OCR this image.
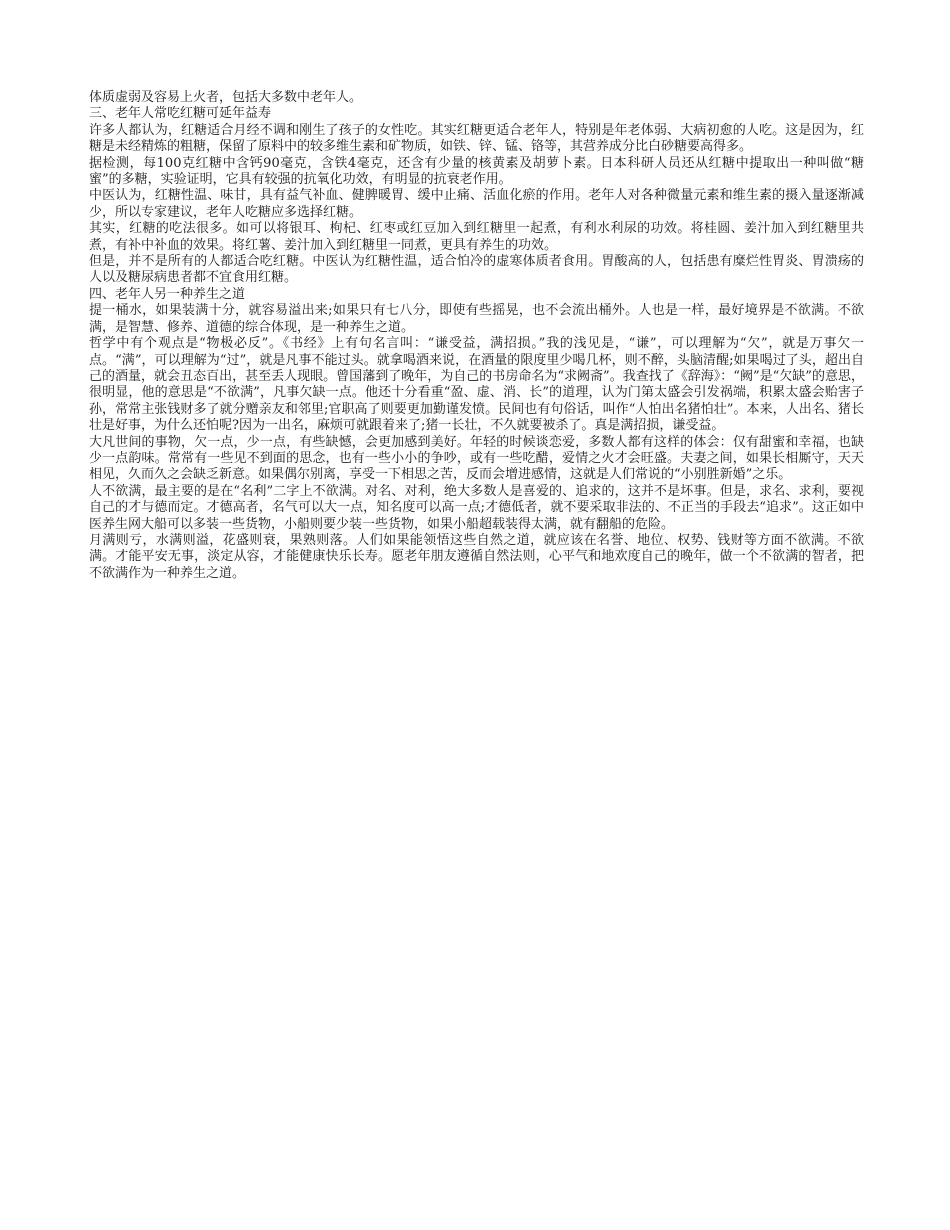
体质虚弱及容易上火者，包括大多数中老年人。

三、老年人常吃红糖可延年益寿

许多人都认为，红糖适合月经不调和刚生了孩子的女性吃。其实红糖更适合老年人，特别是年老体弱、大病初愈的人吃。这是因为，红糖是未经精炼的粗糖，保留了原料中的较多维生素和矿物质，如铁、锌、锰、铬等，其营养成分比白砂糖要高得多。

据检测，每100克红糖中含钙90毫克，含铁4毫克，还含有少量的核黄素及胡萝卜素。日本科研人员还从红糖中提取出一种叫做“糖蜜”的多糖，实验证明，它具有较强的抗氧化功效，有明显的抗衰老作用。

中医认为，红糖性温、味甘，具有益气补血、健脾暖胃、缓中止痛、活血化瘀的作用。老年人对各种微量元素和维生素的摄入量逐渐减少，所以专家建议，老年人吃糖应多选择红糖。

其实，红糖的吃法很多。如可以将银耳、枸杞、红枣或红豆加入到红糖里一起煮，有利水利尿的功效。将桂圆、姜汁加入到红糖里共煮，有补中补血的效果。将红薯、姜汁加入到红糖里一同煮，更具有养生的功效。

但是，并不是所有的人都适合吃红糖。中医认为红糖性温，适合怕冷的虚寒体质者食用。胃酸高的人，包括患有糜烂性胃炎、胃溃疡的人以及糖尿病患者都不宜食用红糖。

四、老年人另一种养生之道

提一桶水，如果装满十分，就容易溢出来;如果只有七八分，即使有些摇晃，也不会流出桶外。人也是一样，最好境界是不欲满。不欲满，是智慧、修养、道德的综合体现，是一种养生之道。

哲学中有个观点是“物极必反”。《书经》上有句名言叫：“谦受益，满招损。”我的浅见是，“谦”，可以理解为“欠”，就是万事欠一点。“满”，可以理解为“过”，就是凡事不能过头。就拿喝酒来说，在酒量的限度里少喝几杯，则不醉，头脑清醒;如果喝过了头，超出自己的酒量，就会丑态百出，甚至丢人现眼。曾国藩到了晚年，为自己的书房命名为“求阙斋”。我查找了《辞海》：“阙”是“欠缺”的意思，很明显，他的意思是“不欲满”，凡事欠缺一点。他还十分看重“盈、虚、消、长”的道理，认为门第太盛会引发祸端，积累太盛会贻害子孙，常常主张钱财多了就分赠亲友和邻里;官职高了则要更加勤谨发愤。民间也有句俗话，叫作“人怕出名猪怕壮”。本来，人出名、猪长壮是好事，为什么还怕呢?因为一出名，麻烦可就跟着来了;猪一长壮，不久就要被杀了。真是满招损，谦受益。

大凡世间的事物，欠一点，少一点，有些缺憾，会更加感到美好。年轻的时候谈恋爱，多数人都有这样的体会：仅有甜蜜和幸福，也缺少一点韵味。常常有一些见不到面的思念，也有一些小小的争吵，或有一些吃醋，爱情之火才会旺盛。夫妻之间，如果长相厮守，天天相见，久而久之会缺乏新意。如果偶尔别离，享受一下相思之苦，反而会增进感情，这就是人们常说的“小别胜新婚”之乐。

人不欲满，最主要的是在“名利”二字上不欲满。对名、对利，绝大多数人是喜爱的、追求的，这并不是坏事。但是，求名、求利，要视自己的才与德而定。才德高者，名气可以大一点，知名度可以高一点;才德低者，就不要采取非法的、不正当的手段去“追求”。这正如中医养生网大船可以多装一些货物，小船则要少装一些货物，如果小船超载装得太满，就有翻船的危险。

月满则亏，水满则溢，花盛则衰，果熟则落。人们如果能领悟这些自然之道，就应该在名誉、地位、权势、钱财等方面不欲满。不欲满。才能平安无事，淡定从容，才能健康快乐长寿。愿老年朋友遵循自然法则，心平气和地欢度自己的晚年，做一个不欲满的智者，把不欲满作为一种养生之道。
